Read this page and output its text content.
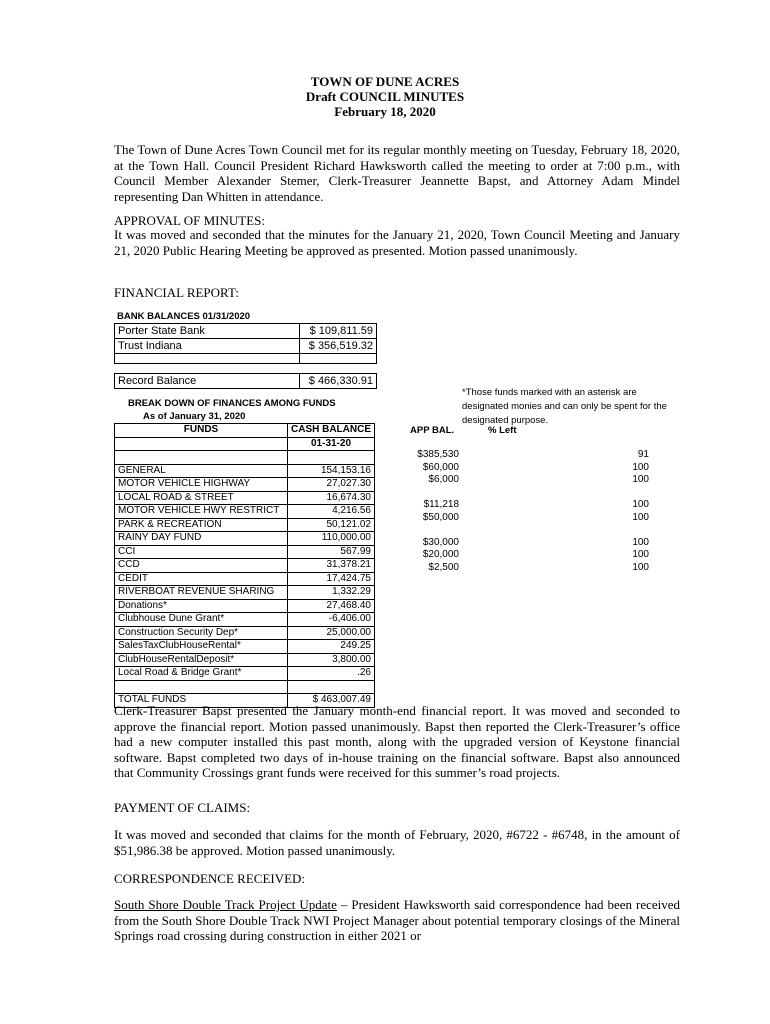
TOWN OF DUNE ACRES
Draft COUNCIL MINUTES
February 18, 2020
The Town of Dune Acres Town Council met for its regular monthly meeting on Tuesday, February 18, 2020, at the Town Hall. Council President Richard Hawksworth called the meeting to order at 7:00 p.m., with Council Member Alexander Stemer, Clerk-Treasurer Jeannette Bapst, and Attorney Adam Mindel representing Dan Whitten in attendance.
APPROVAL OF MINUTES:
It was moved and seconded that the minutes for the January 21, 2020, Town Council Meeting and January 21, 2020 Public Hearing Meeting be approved as presented. Motion passed unanimously.
FINANCIAL REPORT:
BANK BALANCES 01/31/2020
Porter State Bank	$ 109,811.59
Trust Indiana	$ 356,519.32

Record Balance	$ 466,330.91
*Those funds marked with an asterisk are designated monies and can only be spent for the designated purpose.
BREAK DOWN OF FINANCES AMONG FUNDS
As of January 31, 2020
FUNDS	CASH BALANCE
	01-31-20

GENERAL	154,153.16
MOTOR VEHICLE HIGHWAY	27,027.30
LOCAL ROAD & STREET	16,674.30
MOTOR VEHICLE HWY RESTRICT	4,216.56
PARK & RECREATION	50,121.02
RAINY DAY FUND	110,000.00
CCI	567.99
CCD	31,378.21
CEDIT	17,424.75
RIVERBOAT REVENUE SHARING	1,332.29
Donations*	27,468.40
Clubhouse Dune Grant*	-6,406.00
Construction Security Dep*	25,000.00
SalesTaxClubHouseRental*	249.25
ClubHouseRentalDeposit*	3,800.00
Local Road & Bridge Grant*	.26

TOTAL FUNDS	$ 463,007.49
APP BAL.	% Left
$385,530	91
$60,000	100
$6,000	100

$11,218	100
$50,000	100

$30,000	100
$20,000	100
$2,500	100
Clerk-Treasurer Bapst presented the January month-end financial report. It was moved and seconded to approve the financial report. Motion passed unanimously. Bapst then reported the Clerk-Treasurer’s office had a new computer installed this past month, along with the upgraded version of Keystone financial software. Bapst completed two days of in-house training on the financial software. Bapst also announced that Community Crossings grant funds were received for this summer’s road projects.
PAYMENT OF CLAIMS:
It was moved and seconded that claims for the month of February, 2020, #6722 - #6748, in the amount of $51,986.38 be approved. Motion passed unanimously.
CORRESPONDENCE RECEIVED:
South Shore Double Track Project Update – President Hawksworth said correspondence had been received from the South Shore Double Track NWI Project Manager about potential temporary closings of the Mineral Springs road crossing during construction in either 2021 or
